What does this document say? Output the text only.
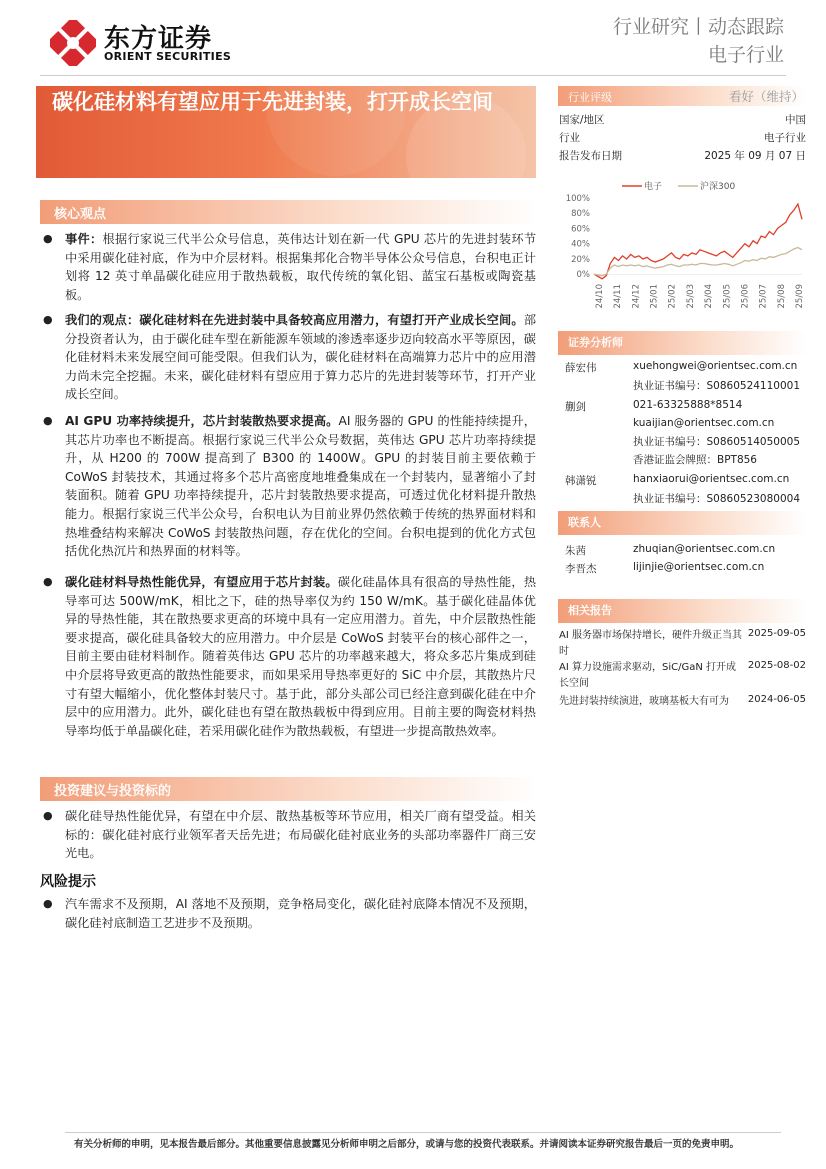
东方证券
ORIENT SECURITIES
行业研究丨动态跟踪
电子行业
碳化硅材料有望应用于先进封装，打开成长空间	行业评级	看好（维持）
国家/地区	中国
行业	电子行业
报告发布日期	2025 年 09 月 07 日
电子	沪深300
100%
80%
60%
40%
20%
0%
24/10 24/11 24/12 25/01 25/02 25/03 25/04 25/05 25/06 25/07 25/08 25/09
证券分析师
薛宏伟	xuehongwei@orientsec.com.cn
执业证书编号：S0860524110001
蒯剑	021-63325888*8514
kuaijian@orientsec.com.cn
执业证书编号：S0860514050005
香港证监会牌照：BPT856
韩潇锐	hanxiaorui@orientsec.com.cn
执业证书编号：S0860523080004
联系人
朱茜	zhuqian@orientsec.com.cn
李晋杰	lijinjie@orientsec.com.cn
相关报告
AI 服务器市场保持增长，硬件升级正当其时
2025-09-05
AI 算力设施需求驱动，SiC/GaN 打开成长空间
2025-08-02
先进封装持续演进，玻璃基板大有可为	2024-06-05
核心观点
● 事件：根据行家说三代半公众号信息，英伟达计划在新一代 GPU 芯片的先进封装环节中采用碳化硅衬底，作为中介层材料。根据集邦化合物半导体公众号信息，台积电正计划将 12 英寸单晶碳化硅应用于散热载板，取代传统的氧化铝、蓝宝石基板或陶瓷基板。
● 我们的观点：碳化硅材料在先进封装中具备较高应用潜力，有望打开产业成长空间。部分投资者认为，由于碳化硅车型在新能源车领域的渗透率逐步迈向较高水平等原因，碳化硅材料未来发展空间可能受限。但我们认为，碳化硅材料在高端算力芯片中的应用潜力尚未完全挖掘。未来，碳化硅材料有望应用于算力芯片的先进封装等环节，打开产业成长空间。
● AI GPU 功率持续提升，芯片封装散热要求提高。AI 服务器的 GPU 的性能持续提升，其芯片功率也不断提高。根据行家说三代半公众号数据，英伟达 GPU 芯片功率持续提升，从 H200 的 700W 提高到了 B300 的 1400W。GPU 的封装目前主要依赖于 CoWoS 封装技术，其通过将多个芯片高密度地堆叠集成在一个封装内，显著缩小了封装面积。随着 GPU 功率持续提升，芯片封装散热要求提高，可透过优化材料提升散热能力。根据行家说三代半公众号，台积电认为目前业界仍然依赖于传统的热界面材料和热堆叠结构来解决 CoWoS 封装散热问题，存在优化的空间。台积电提到的优化方式包括优化热沉片和热界面的材料等。
● 碳化硅材料导热性能优异，有望应用于芯片封装。碳化硅晶体具有很高的导热性能，热导率可达 500W/mK，相比之下，硅的热导率仅为约 150 W/mK。基于碳化硅晶体优异的导热性能，其在散热要求更高的环境中具有一定应用潜力。首先，中介层散热性能要求提高，碳化硅具备较大的应用潜力。中介层是 CoWoS 封装平台的核心部件之一，目前主要由硅材料制作。随着英伟达 GPU 芯片的功率越来越大，将众多芯片集成到硅中介层将导致更高的散热性能要求，而如果采用导热率更好的 SiC 中介层，其散热片尺寸有望大幅缩小，优化整体封装尺寸。基于此，部分头部公司已经注意到碳化硅在中介层中的应用潜力。此外，碳化硅也有望在散热载板中得到应用。目前主要的陶瓷材料热导率均低于单晶碳化硅，若采用碳化硅作为散热载板，有望进一步提高散热效率。
投资建议与投资标的
● 碳化硅导热性能优异，有望在中介层、散热基板等环节应用，相关厂商有望受益。相关标的：碳化硅衬底行业领军者天岳先进；布局碳化硅衬底业务的头部功率器件厂商三安光电。
风险提示
● 汽车需求不及预期，AI 落地不及预期，竞争格局变化，碳化硅衬底降本情况不及预期，碳化硅衬底制造工艺进步不及预期。
有关分析师的申明，见本报告最后部分。其他重要信息披露见分析师申明之后部分，或请与您的投资代表联系。并请阅读本证券研究报告最后一页的免责申明。
